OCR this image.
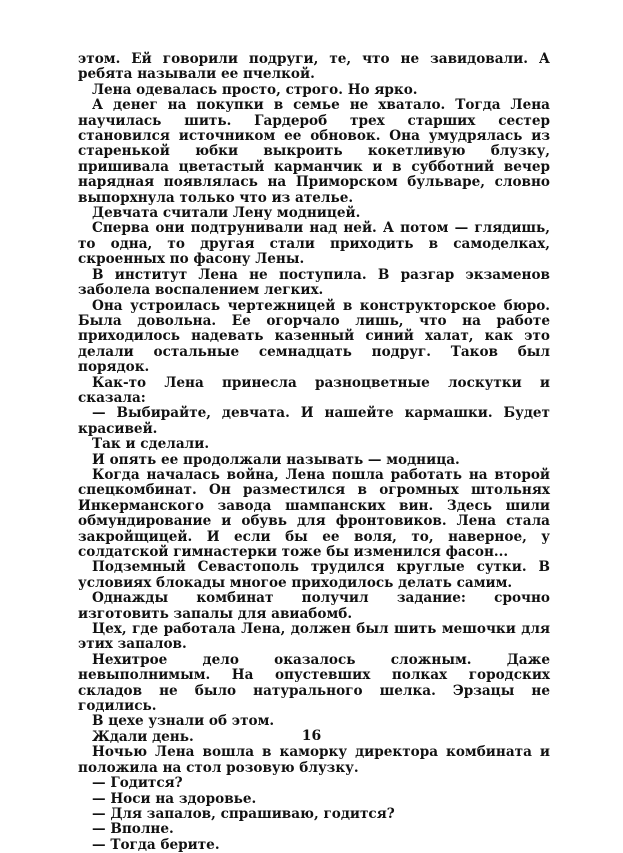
этом. Ей говорили подруги, те, что не завидовали. А ребята называли ее пчелкой.

Лена одевалась просто, строго. Но ярко.

А денег на покупки в семье не хватало. Тогда Лена научилась шить. Гардероб трех старших сестер становился источником ее обновок. Она умудрялась из старенькой юбки выкроить кокетливую блузку, пришивала цветастый карманчик и в субботний вечер нарядная появлялась на Приморском бульваре, словно выпорхнула только что из ателье.

Девчата считали Лену модницей.

Сперва они подтрунивали над ней. А потом — глядишь, то одна, то другая стали приходить в самоделках, скроенных по фасону Лены.

В институт Лена не поступила. В разгар экзаменов заболела воспалением легких.

Она устроилась чертежницей в конструкторское бюро. Была довольна. Ее огорчало лишь, что на работе приходилось надевать казенный синий халат, как это делали остальные семнадцать подруг. Таков был порядок.

Как-то Лена принесла разноцветные лоскутки и сказала:

— Выбирайте, девчата. И нашейте кармашки. Будет красивей.

Так и сделали.

И опять ее продолжали называть — модница.

Когда началась война, Лена пошла работать на второй спецкомбинат. Он разместился в огромных штольнях Инкерманского завода шампанских вин. Здесь шили обмундирование и обувь для фронтовиков. Лена стала закройщицей. И если бы ее воля, то, наверное, у солдатской гимнастерки тоже бы изменился фасон...

Подземный Севастополь трудился круглые сутки. В условиях блокады многое приходилось делать самим.

Однажды комбинат получил задание: срочно изготовить запалы для авиабомб.

Цех, где работала Лена, должен был шить мешочки для этих запалов.

Нехитрое дело оказалось сложным. Даже невыполнимым. На опустевших полках городских складов не было натурального шелка. Эрзацы не годились.

В цехе узнали об этом.

Ждали день.

Ночью Лена вошла в каморку директора комбината и положила на стол розовую блузку.

— Годится?

— Носи на здоровье.

— Для запалов, спрашиваю, годится?

— Вполне.

— Тогда берите.

16
